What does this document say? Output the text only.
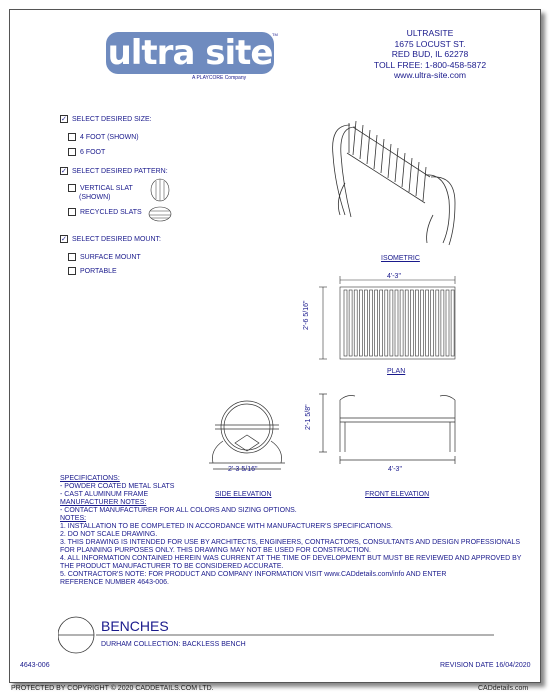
ultra site TM
A PLAYCORE Company
ULTRASITE
1675 LOCUST ST.
RED BUD, IL 62278
TOLL FREE: 1-800-458-5872
www.ultra-site.com
✓ SELECT DESIRED SIZE:
4 FOOT (SHOWN)
6 FOOT
✓ SELECT DESIRED PATTERN:
VERTICAL SLAT
(SHOWN)
RECYCLED SLATS
✓ SELECT DESIRED MOUNT:
SURFACE MOUNT
PORTABLE
ISOMETRIC
4'-3"
2'-6 5/16"
PLAN
2'-3 5/16"
SIDE ELEVATION
2'-1 5/8"
4'-3"
FRONT ELEVATION
SPECIFICATIONS:
- POWDER COATED METAL SLATS
- CAST ALUMINUM FRAME
MANUFACTURER NOTES:
- CONTACT MANUFACTURER FOR ALL COLORS AND SIZING OPTIONS.
NOTES:
1. INSTALLATION TO BE COMPLETED IN ACCORDANCE WITH MANUFACTURER'S SPECIFICATIONS.
2. DO NOT SCALE DRAWING.
3. THIS DRAWING IS INTENDED FOR USE BY ARCHITECTS, ENGINEERS, CONTRACTORS, CONSULTANTS AND DESIGN PROFESSIONALS
FOR PLANNING PURPOSES ONLY. THIS DRAWING MAY NOT BE USED FOR CONSTRUCTION.
4. ALL INFORMATION CONTAINED HEREIN WAS CURRENT AT THE TIME OF DEVELOPMENT BUT MUST BE REVIEWED AND APPROVED BY
THE PRODUCT MANUFACTURER TO BE CONSIDERED ACCURATE.
5. CONTRACTOR'S NOTE: FOR PRODUCT AND COMPANY INFORMATION VISIT www.CADdetails.com/info AND ENTER
REFERENCE NUMBER 4643-006.
BENCHES
DURHAM COLLECTION: BACKLESS BENCH
4643-006	REVISION DATE 16/04/2020
PROTECTED BY COPYRIGHT © 2020 CADDETAILS.COM LTD.	CADdetails.com
